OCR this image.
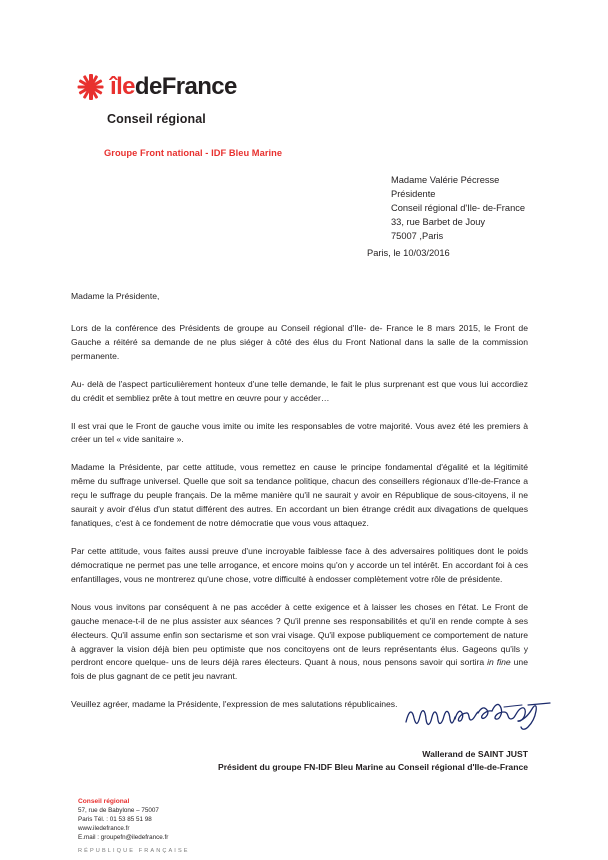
îledeFrance
Conseil régional
Groupe Front national - IDF Bleu Marine
Madame Valérie Pécresse
Présidente
Conseil régional d'Ile- de-France
33, rue Barbet de Jouy
75007 ,Paris
Paris, le 10/03/2016

Madame la Présidente,

Lors de la conférence des Présidents de groupe au Conseil régional d'Ile- de- France le 8 mars 2015, le Front de Gauche a réitéré sa demande de ne plus siéger à côté des élus du Front National dans la salle de la commission permanente.

Au- delà de l'aspect particulièrement honteux d'une telle demande, le fait le plus surprenant est que vous lui accordiez du crédit et sembliez prête à tout mettre en œuvre pour y accéder…

Il est vrai que le Front de gauche vous imite ou imite les responsables de votre majorité. Vous avez été les premiers à créer un tel « vide sanitaire ».

Madame la Présidente, par cette attitude, vous remettez en cause le principe fondamental d'égalité et la légitimité même du suffrage universel. Quelle que soit sa tendance politique, chacun des conseillers régionaux d'Ile-de-France a reçu le suffrage du peuple français. De la même manière qu'il ne saurait y avoir en République de sous-citoyens, il ne saurait y avoir d'élus d'un statut différent des autres. En accordant un bien étrange crédit aux divagations de quelques fanatiques, c'est à ce fondement de notre démocratie que vous vous attaquez.

Par cette attitude, vous faites aussi preuve d'une incroyable faiblesse face à des adversaires politiques dont le poids démocratique ne permet pas une telle arrogance, et encore moins qu'on y accorde un tel intérêt. En accordant foi à ces enfantillages, vous ne montrerez qu'une chose, votre difficulté à endosser complètement votre rôle de présidente.

Nous vous invitons par conséquent à ne pas accéder à cette exigence et à laisser les choses en l'état. Le Front de gauche menace-t-il de ne plus assister aux séances ? Qu'il prenne ses responsabilités et qu'il en rende compte à ses électeurs. Qu'il assume enfin son sectarisme et son vrai visage. Qu'il expose publiquement ce comportement de nature à aggraver la vision déjà bien peu optimiste que nos concitoyens ont de leurs représentants élus. Gageons qu'ils y perdront encore quelque- uns de leurs déjà rares électeurs. Quant à nous, nous pensons savoir qui sortira in fine une fois de plus gagnant de ce petit jeu navrant.

Veuillez agréer, madame la Présidente, l'expression de mes salutations républicaines.

Wallerand de SAINT JUST
Président du groupe FN-IDF Bleu Marine au Conseil régional d'Ile-de-France
Conseil régional
57, rue de Babylone – 75007
Paris Tél. : 01 53 85 51 98
www.iledefrance.fr
E.mail : groupefn@iledefrance.fr
RÉPUBLIQUE FRANÇAISE
